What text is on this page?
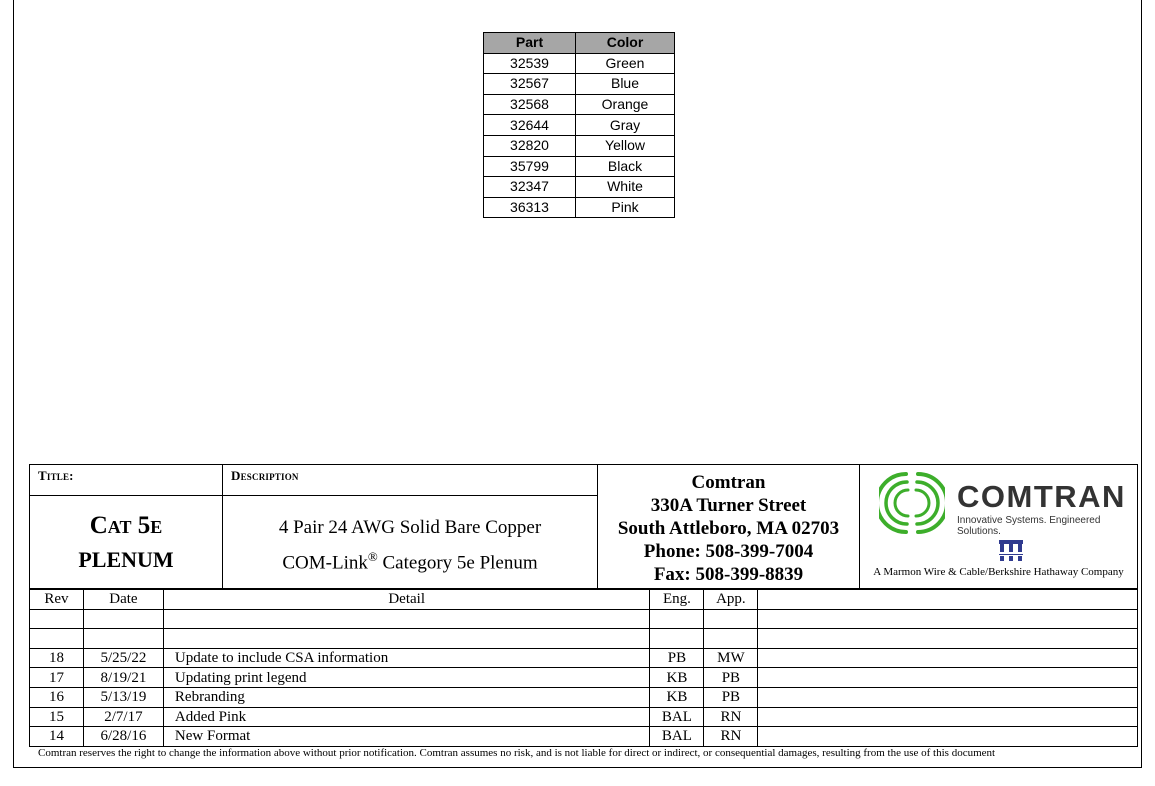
Part	Color
32539	Green
32567	Blue
32568	Orange
32644	Gray
32820	Yellow
35799	Black
32347	White
36313	Pink
Title:
Cat 5e
PLENUM
Description
4 Pair 24 AWG Solid Bare Copper
COM-Link® Category 5e Plenum
Comtran
330A Turner Street
South Attleboro, MA 02703
Phone: 508-399-7004
Fax: 508-399-8839
COMTRAN
Innovative Systems. Engineered Solutions.
A Marmon Wire & Cable/Berkshire Hathaway Company
Rev	Date	Detail	Eng.	App.	

18	5/25/22	Update to include CSA information	PB	MW	
17	8/19/21	Updating print legend	KB	PB	
16	5/13/19	Rebranding	KB	PB	
15	2/7/17	Added Pink	BAL	RN	
14	6/28/16	New Format	BAL	RN	
Comtran reserves the right to change the information above without prior notification. Comtran assumes no risk, and is not liable for direct or indirect, or consequential damages, resulting from the use of this document
